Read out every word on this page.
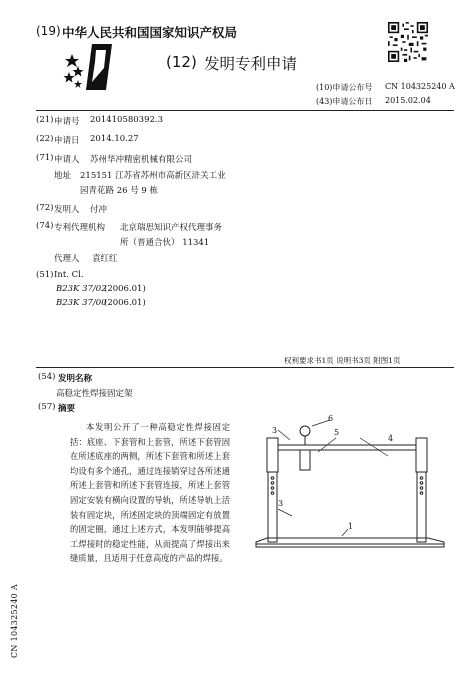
(19) 中华人民共和国国家知识产权局
(12) 发明专利申请
(10)申请公布号 CN 104325240 A
(43)申请公布日 2015.02.04
(21) 申请号 201410580392.3
(22) 申请日 2014.10.27
(71) 申请人 苏州华冲精密机械有限公司
地址 215151 江苏省苏州市高新区浒关工业
园青花路 26 号 9 栋
(72) 发明人 付冲
(74) 专利代理机构 北京瑞思知识产权代理事务
所（普通合伙） 11341
代理人 袁红红
(51) Int. Cl.
B23K 37/02
(2006.01)
B23K 37/00
(2006.01)
权利要求书1页 说明书3页 附图1页
(54) 发明名称
高稳定性焊接固定架
(57) 摘要
本发明公开了一种高稳定性焊接固定
括：底座、下套管和上套管，所述下套管固
在所述底座的两侧，所述下套管和所述上套
均设有多个通孔，通过连接销穿过各所述通
所述上套管和所述下套管连接，所述上套管
固定安装有横向设置的导轨，所述导轨上活
装有固定块，所述固定块的顶端固定有放置
的固定圈，通过上述方式，本发明能够提高
工焊接时的稳定性能，从而提高了焊接出来
缝质量，且适用于任意高度的产品的焊接。
6
3	5
4
3
1
CN 104325240 A
